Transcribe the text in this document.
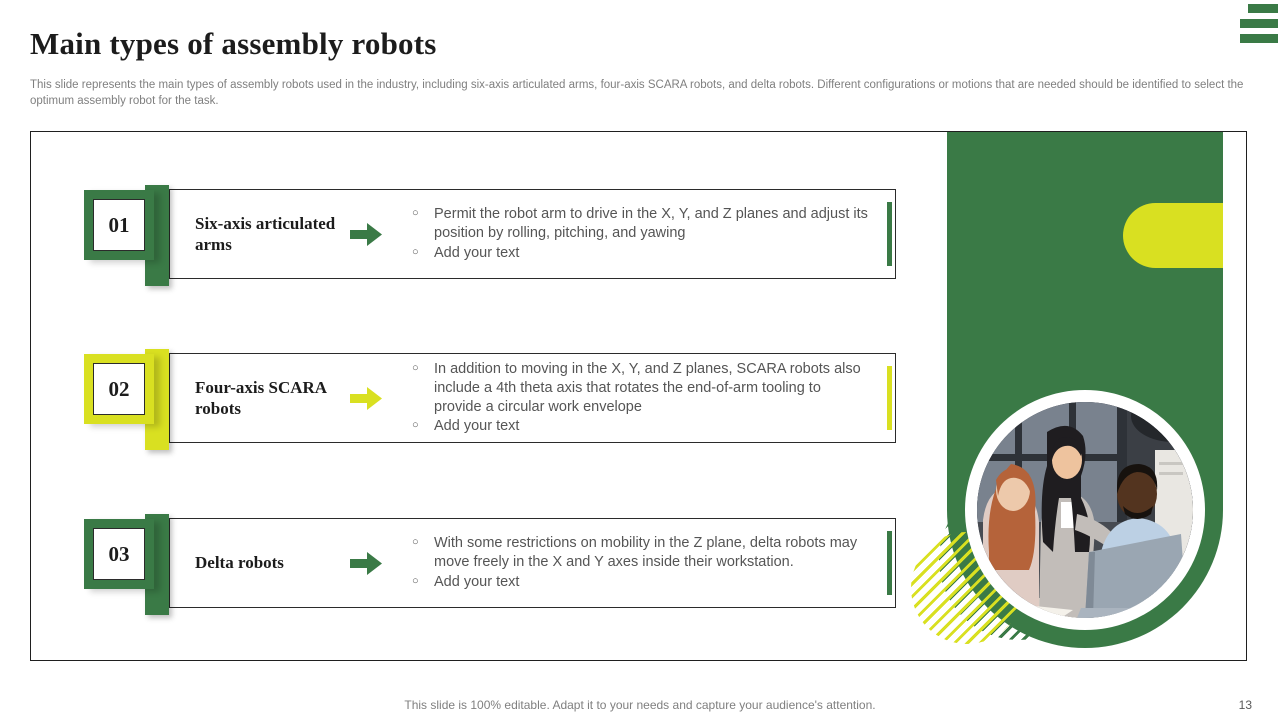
Main types of assembly robots

This slide represents the main types of assembly robots used in the industry, including six-axis articulated arms, four-axis SCARA robots, and delta robots. Different configurations or motions that are needed should be identified to select the optimum assembly robot for the task.

01	Six-axis articulated arms
○ Permit the robot arm to drive in the X, Y, and Z planes and adjust its position by rolling, pitching, and yawing
○ Add your text
02	Four-axis SCARA robots
○ In addition to moving in the X, Y, and Z planes, SCARA robots also include a 4th theta axis that rotates the end-of-arm tooling to provide a circular work envelope
○ Add your text
03	Delta robots
○ With some restrictions on mobility in the Z plane, delta robots may move freely in the X and Y axes inside their workstation.
○ Add your text
This slide is 100% editable. Adapt it to your needs and capture your audience's attention.	13
